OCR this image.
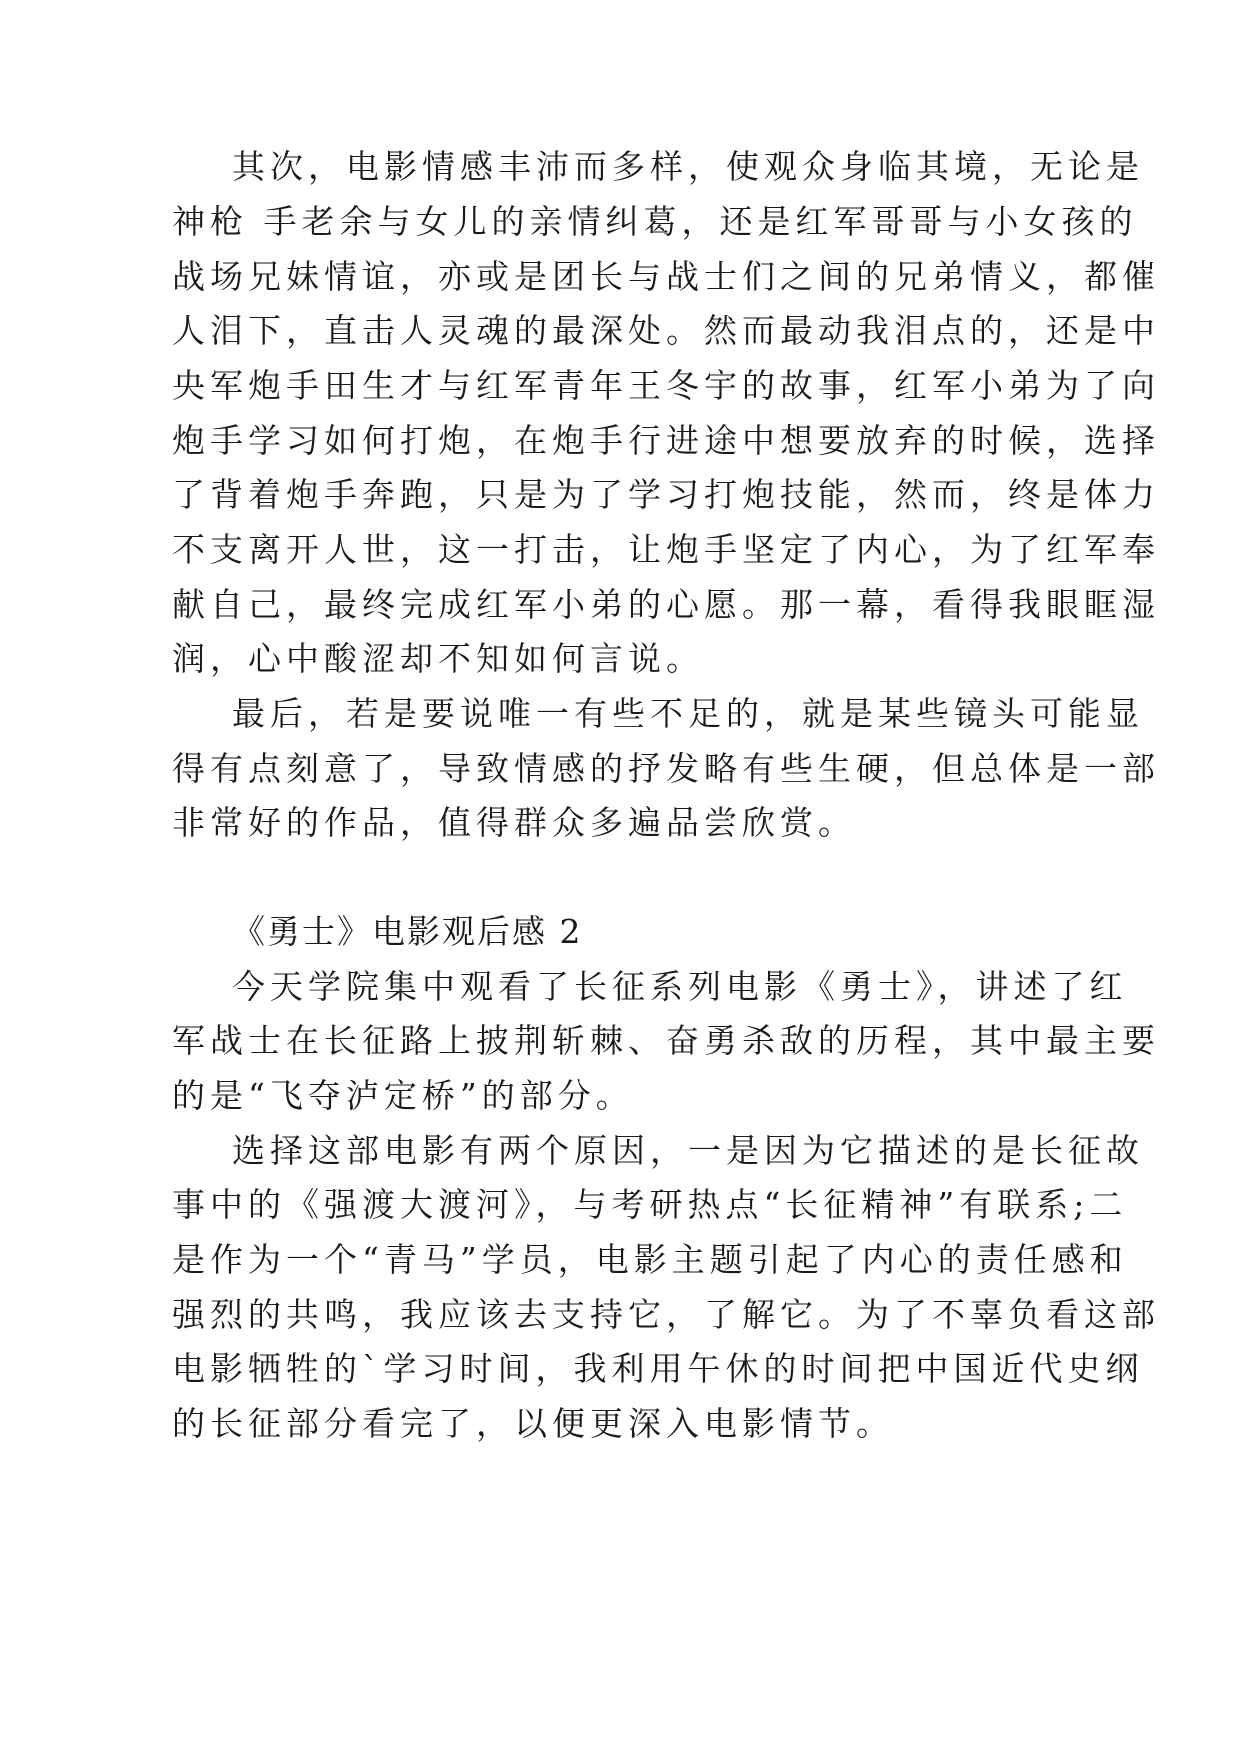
其次，电影情感丰沛而多样，使观众身临其境，无论是
神枪 手老余与女儿的亲情纠葛，还是红军哥哥与小女孩的
战场兄妹情谊，亦或是团长与战士们之间的兄弟情义，都催
人泪下，直击人灵魂的最深处。然而最动我泪点的，还是中
央军炮手田生才与红军青年王冬宇的故事，红军小弟为了向
炮手学习如何打炮，在炮手行进途中想要放弃的时候，选择
了背着炮手奔跑，只是为了学习打炮技能，然而，终是体力
不支离开人世，这一打击，让炮手坚定了内心，为了红军奉
献自己，最终完成红军小弟的心愿。那一幕，看得我眼眶湿
润，心中酸涩却不知如何言说。
最后，若是要说唯一有些不足的，就是某些镜头可能显
得有点刻意了，导致情感的抒发略有些生硬，但总体是一部
非常好的作品，值得群众多遍品尝欣赏。
《勇士》电影观后感 2
今天学院集中观看了长征系列电影《勇士》，讲述了红
军战士在长征路上披荆斩棘、奋勇杀敌的历程，其中最主要
的是“飞夺泸定桥”的部分。
选择这部电影有两个原因，一是因为它描述的是长征故
事中的《强渡大渡河》，与考研热点“长征精神”有联系;二
是作为一个“青马”学员，电影主题引起了内心的责任感和
强烈的共鸣，我应该去支持它，了解它。为了不辜负看这部
电影牺牲的`学习时间，我利用午休的时间把中国近代史纲
的长征部分看完了，以便更深入电影情节。
